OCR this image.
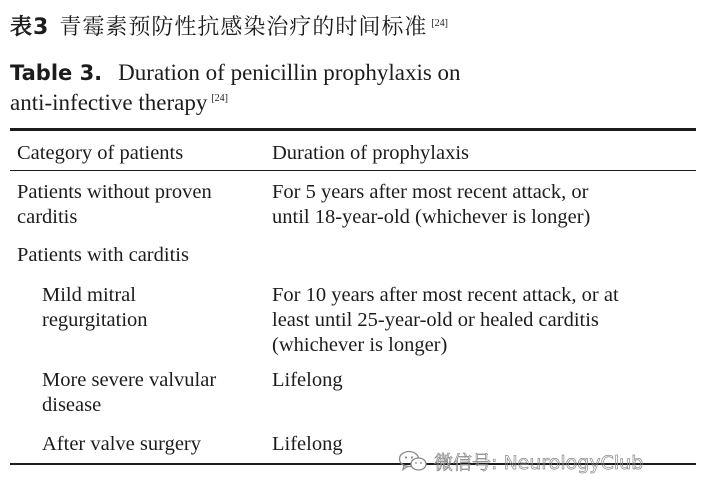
表3 青霉素预防性抗感染治疗的时间标准 [24]
Table 3. Duration of penicillin prophylaxis on
anti-infective therapy [24]
Category of patients	Duration of prophylaxis
Patients without proven
carditis
For 5 years after most recent attack, or
until 18-year-old (whichever is longer)
Patients with carditis
Mild mitral
regurgitation
For 10 years after most recent attack, or at
least until 25-year-old or healed carditis
(whichever is longer)
More severe valvular
disease
Lifelong
After valve surgery	Lifelong
微信号: NeurologyClub
